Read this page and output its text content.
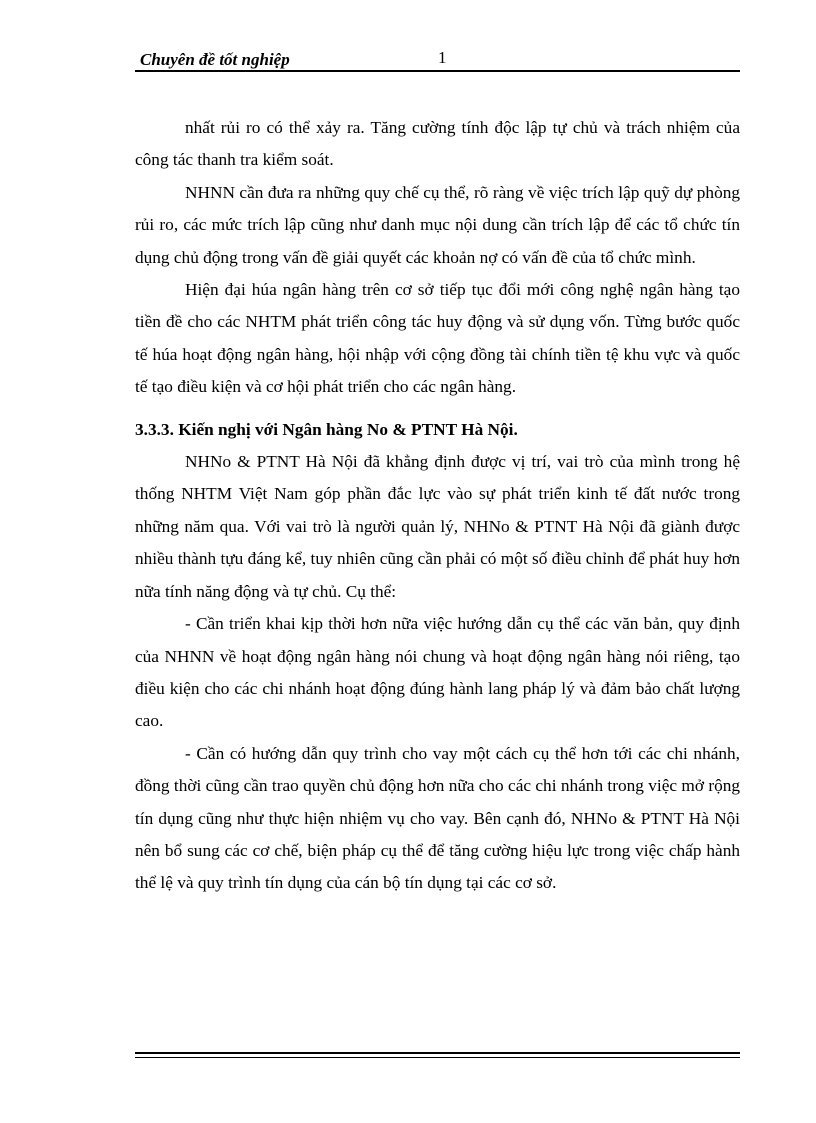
Chuyên đề tốt nghiệp	1

nhất rủi ro có thể xảy ra. Tăng cường tính độc lập tự chủ và trách nhiệm của công tác thanh tra kiểm soát.

NHNN cần đưa ra những quy chế cụ thể, rõ ràng về việc trích lập quỹ dự phòng rủi ro, các mức trích lập cũng như danh mục nội dung cần trích lập để các tổ chức tín dụng chủ động trong vấn đề giải quyết các khoản nợ có vấn đề của tổ chức mình.

Hiện đại húa ngân hàng trên cơ sở tiếp tục đổi mới công nghệ ngân hàng tạo tiền đề cho các NHTM phát triển công tác huy động và sử dụng vốn. Từng bước quốc tế húa hoạt động ngân hàng, hội nhập với cộng đồng tài chính tiền tệ khu vực và quốc tế tạo điều kiện và cơ hội phát triển cho các ngân hàng.

3.3.3. Kiến nghị với Ngân hàng No & PTNT Hà Nội.

NHNo & PTNT Hà Nội đã khẳng định được vị trí, vai trò của mình trong hệ thống NHTM Việt Nam góp phần đắc lực vào sự phát triển kinh tế đất nước trong những năm qua. Với vai trò là người quản lý, NHNo & PTNT Hà Nội đã giành được nhiều thành tựu đáng kể, tuy nhiên cũng cần phải có một số điều chỉnh để phát huy hơn nữa tính năng động và tự chủ. Cụ thể:

- Cần triển khai kịp thời hơn nữa việc hướng dẫn cụ thể các văn bản, quy định của NHNN về hoạt động ngân hàng nói chung và hoạt động ngân hàng nói riêng, tạo điều kiện cho các chi nhánh hoạt động đúng hành lang pháp lý và đảm bảo chất lượng cao.

- Cần có hướng dẫn quy trình cho vay một cách cụ thể hơn tới các chi nhánh, đồng thời cũng cần trao quyền chủ động hơn nữa cho các chi nhánh trong việc mở rộng tín dụng cũng như thực hiện nhiệm vụ cho vay. Bên cạnh đó, NHNo & PTNT Hà Nội nên bổ sung các cơ chế, biện pháp cụ thể để tăng cường hiệu lực trong việc chấp hành thể lệ và quy trình tín dụng của cán bộ tín dụng tại các cơ sở.
